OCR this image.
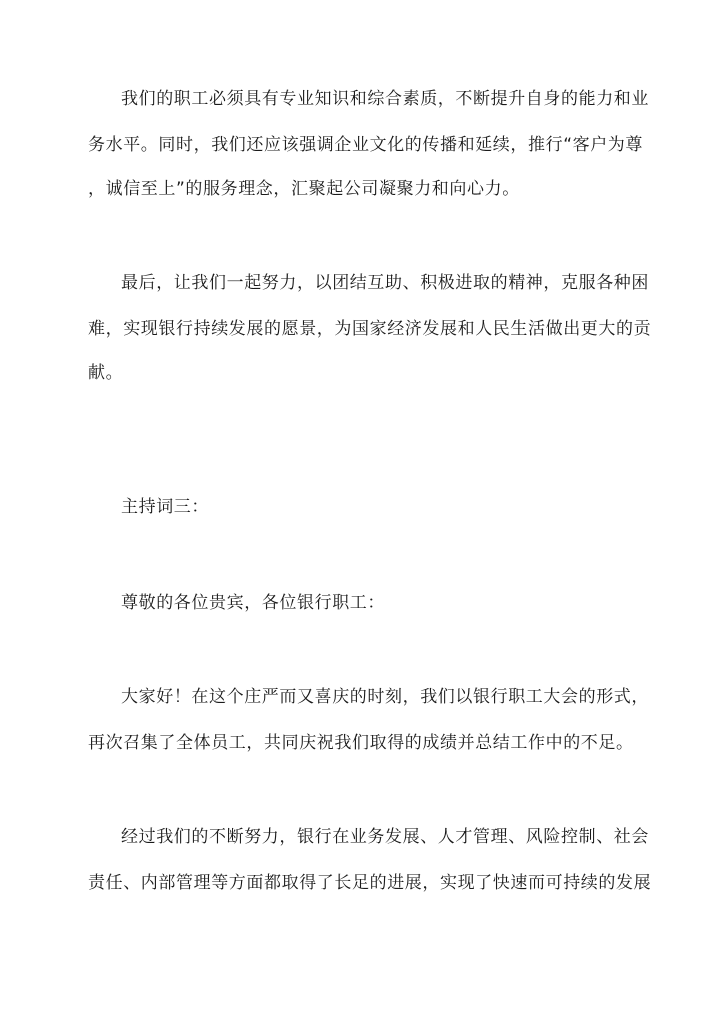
我们的职工必须具有专业知识和综合素质，不断提升自身的能力和业
务水平。同时，我们还应该强调企业文化的传播和延续，推行“客户为尊
，诚信至上”的服务理念，汇聚起公司凝聚力和向心力。
最后，让我们一起努力，以团结互助、积极进取的精神，克服各种困
难，实现银行持续发展的愿景，为国家经济发展和人民生活做出更大的贡
献。
主持词三：
尊敬的各位贵宾，各位银行职工：
大家好！在这个庄严而又喜庆的时刻，我们以银行职工大会的形式，
再次召集了全体员工，共同庆祝我们取得的成绩并总结工作中的不足。
经过我们的不断努力，银行在业务发展、人才管理、风险控制、社会
责任、内部管理等方面都取得了长足的进展，实现了快速而可持续的发展
